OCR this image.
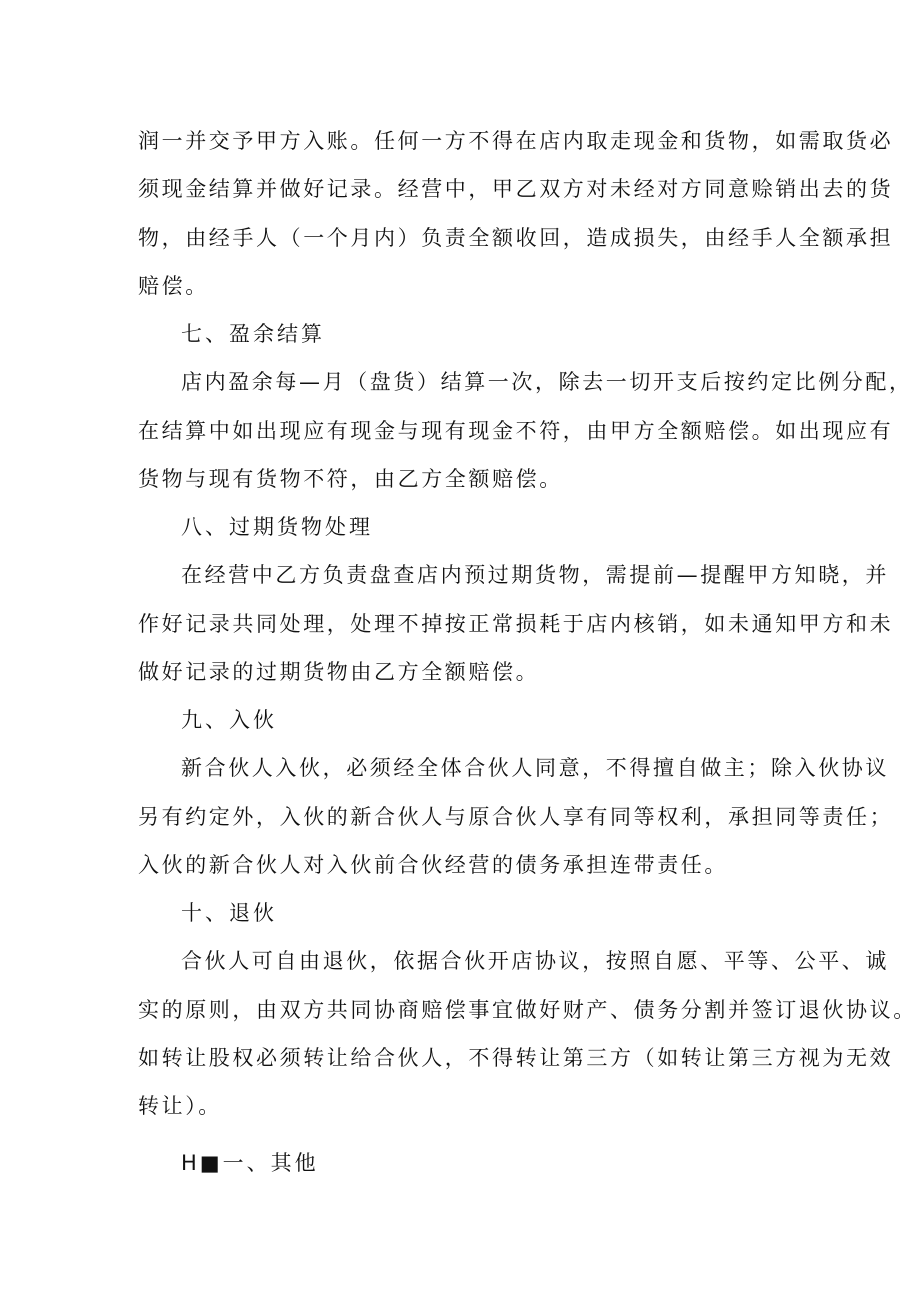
润一并交予甲方入账。任何一方不得在店内取走现金和货物，如需取货必

须现金结算并做好记录。经营中，甲乙双方对未经对方同意赊销出去的货

物，由经手人（一个月内）负责全额收回，造成损失，由经手人全额承担

赔偿。

七、盈余结算

店内盈余每—月（盘货）结算一次，除去一切开支后按约定比例分配，

在结算中如出现应有现金与现有现金不符，由甲方全额赔偿。如出现应有

货物与现有货物不符，由乙方全额赔偿。

八、过期货物处理

在经营中乙方负责盘查店内预过期货物，需提前—提醒甲方知晓，并

作好记录共同处理，处理不掉按正常损耗于店内核销，如未通知甲方和未

做好记录的过期货物由乙方全额赔偿。

九、入伙

新合伙人入伙，必须经全体合伙人同意，不得擅自做主；除入伙协议

另有约定外，入伙的新合伙人与原合伙人享有同等权利，承担同等责任；

入伙的新合伙人对入伙前合伙经营的债务承担连带责任。

十、退伙

合伙人可自由退伙，依据合伙开店协议，按照自愿、平等、公平、诚

实的原则，由双方共同协商赔偿事宜做好财产、债务分割并签订退伙协议。

如转让股权必须转让给合伙人，不得转让第三方（如转让第三方视为无效

转让）。

H■一、其他
